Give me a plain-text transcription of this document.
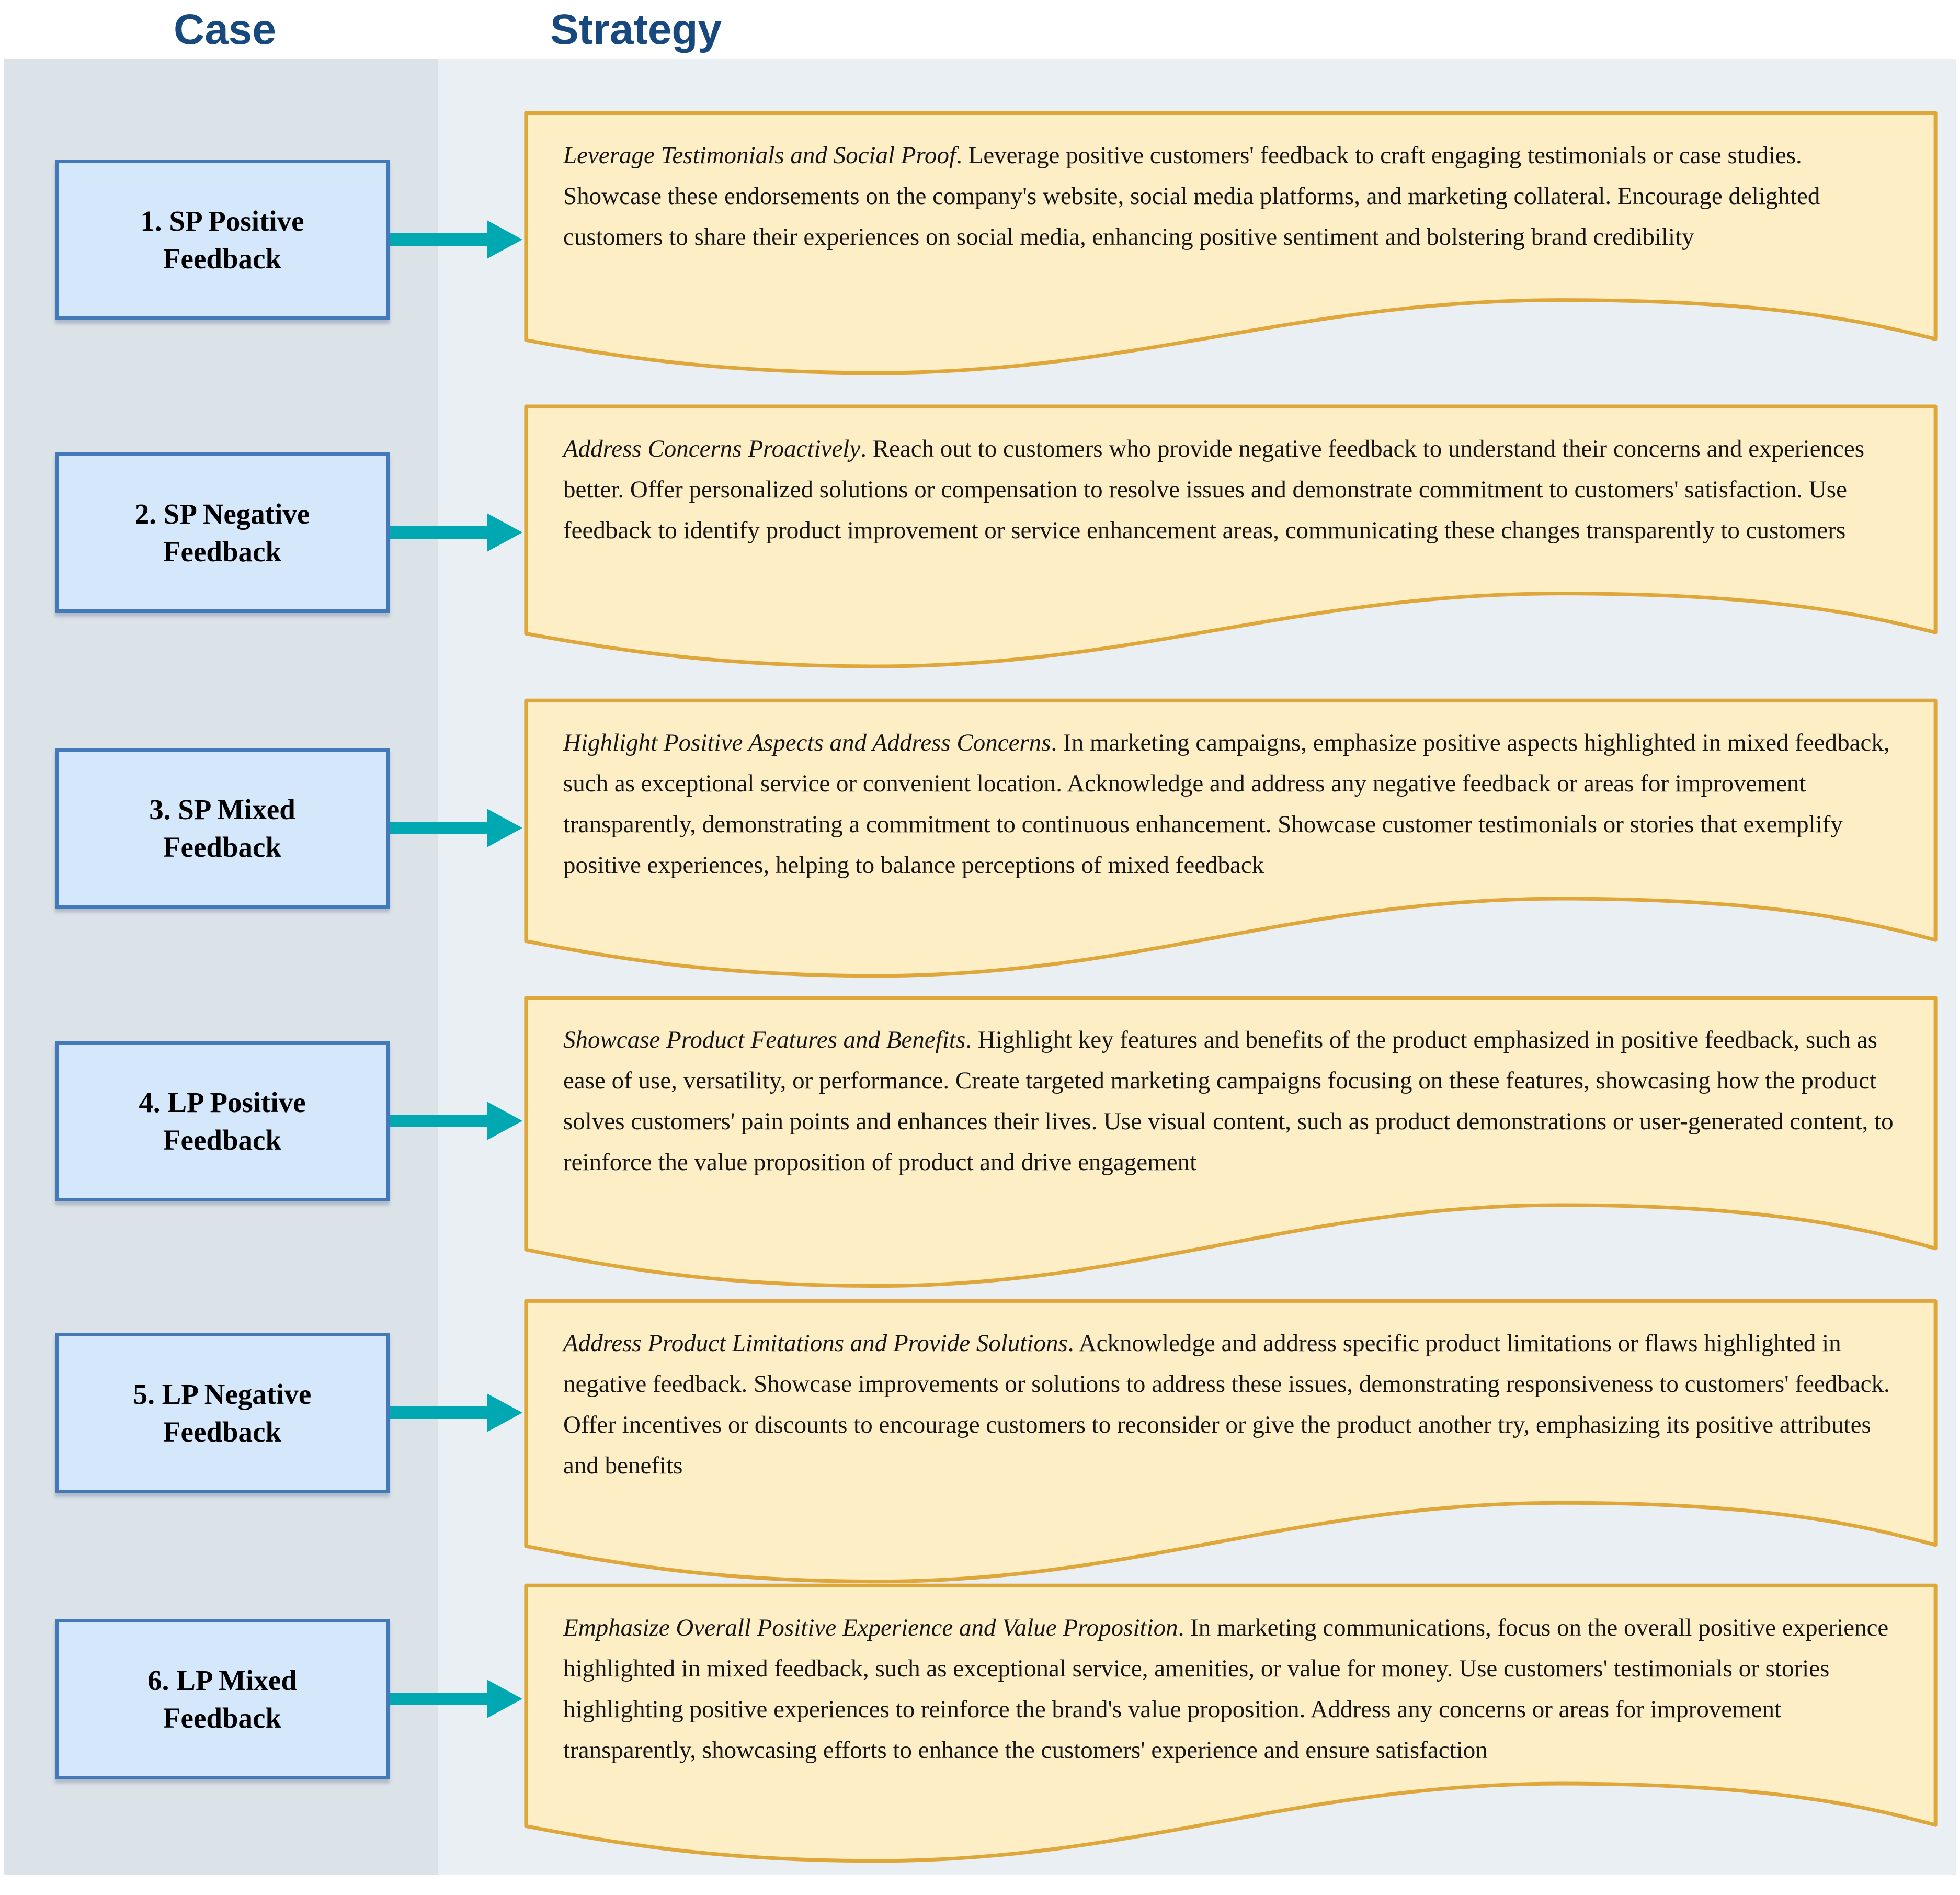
Case	Strategy
1. SP Positive
Feedback

Leverage Testimonials and Social Proof. Leverage positive customers' feedback to craft engaging testimonials or case studies. Showcase these endorsements on the company's website, social media platforms, and marketing collateral. Encourage delighted customers to share their experiences on social media, enhancing positive sentiment and bolstering brand credibility

2. SP Negative
Feedback

Address Concerns Proactively. Reach out to customers who provide negative feedback to understand their concerns and experiences better. Offer personalized solutions or compensation to resolve issues and demonstrate commitment to customers' satisfaction. Use feedback to identify product improvement or service enhancement areas, communicating these changes transparently to customers

3. SP Mixed
Feedback

Highlight Positive Aspects and Address Concerns. In marketing campaigns, emphasize positive aspects highlighted in mixed feedback, such as exceptional service or convenient location. Acknowledge and address any negative feedback or areas for improvement transparently, demonstrating a commitment to continuous enhancement. Showcase customer testimonials or stories that exemplify positive experiences, helping to balance perceptions of mixed feedback

4. LP Positive
Feedback

Showcase Product Features and Benefits. Highlight key features and benefits of the product emphasized in positive feedback, such as ease of use, versatility, or performance. Create targeted marketing campaigns focusing on these features, showcasing how the product solves customers' pain points and enhances their lives. Use visual content, such as product demonstrations or user-generated content, to reinforce the value proposition of product and drive engagement

5. LP Negative
Feedback

Address Product Limitations and Provide Solutions. Acknowledge and address specific product limitations or flaws highlighted in negative feedback. Showcase improvements or solutions to address these issues, demonstrating responsiveness to customers' feedback. Offer incentives or discounts to encourage customers to reconsider or give the product another try, emphasizing its positive attributes and benefits

6. LP Mixed
Feedback

Emphasize Overall Positive Experience and Value Proposition. In marketing communications, focus on the overall positive experience highlighted in mixed feedback, such as exceptional service, amenities, or value for money. Use customers' testimonials or stories highlighting positive experiences to reinforce the brand's value proposition. Address any concerns or areas for improvement transparently, showcasing efforts to enhance the customers' experience and ensure satisfaction
